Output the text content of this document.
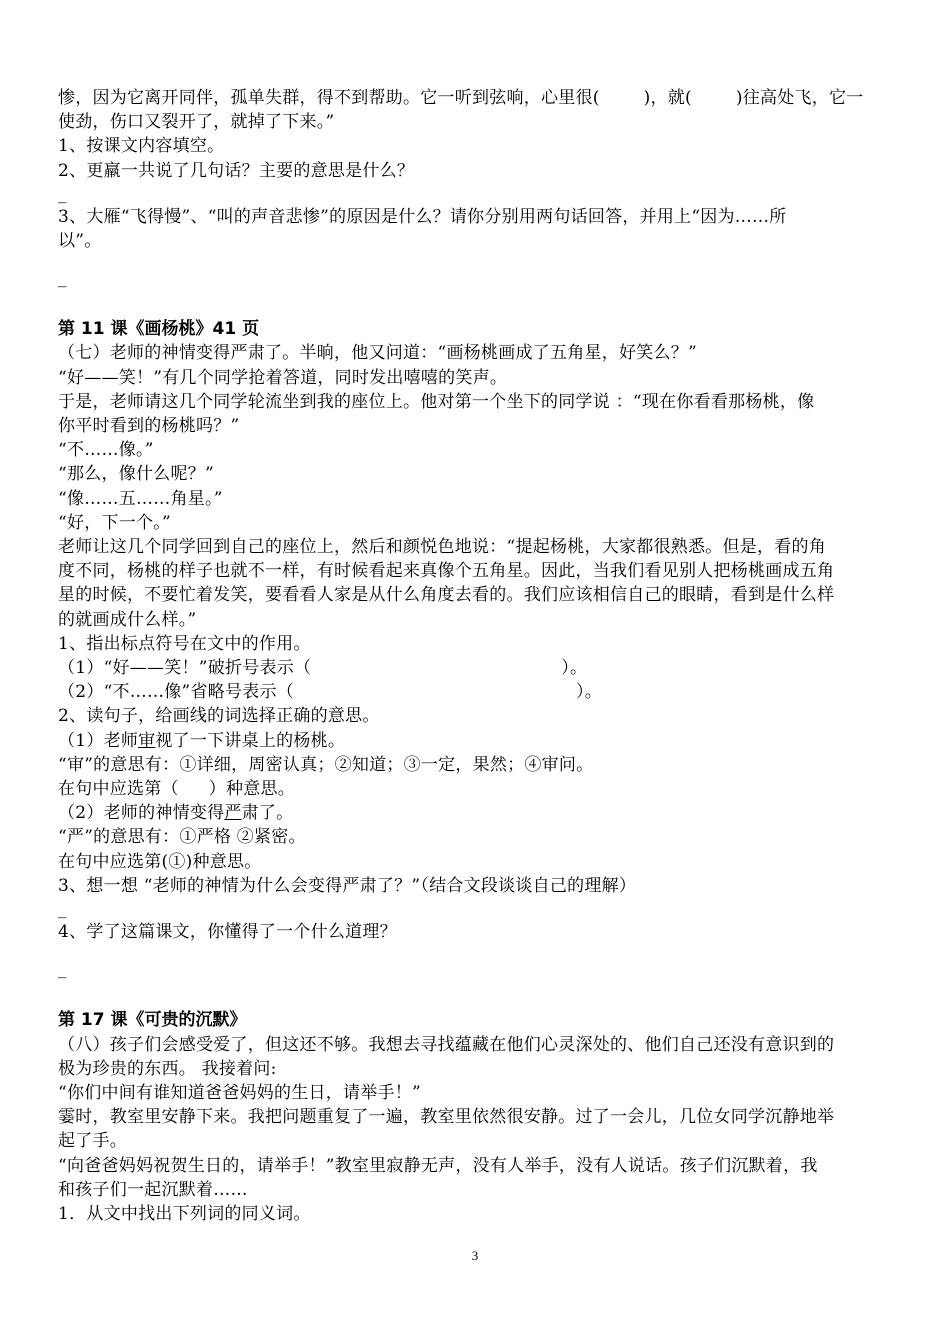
惨，因为它离开同伴，孤单失群，得不到帮助。它一听到弦响，心里很(	)，就(	)往高处飞，它一
使劲，伤口又裂开了，就掉了下来。”
1、按课文内容填空。
2、更羸一共说了几句话？主要的意思是什么？
_
3、大雁“飞得慢”、“叫的声音悲惨”的原因是什么？请你分别用两句话回答，并用上“因为……所
以”。
_
第 11 课《画杨桃》41 页
（七）老师的神情变得严肃了。半晌，他又问道：“画杨桃画成了五角星，好笑么？”
“好——笑！”有几个同学抢着答道，同时发出嘻嘻的笑声。
于是，老师请这几个同学轮流坐到我的座位上。他对第一个坐下的同学说 ：“现在你看看那杨桃，像
你平时看到的杨桃吗？”
“不……像。”
“那么，像什么呢？”
“像……五……角星。”
“好，下一个。”
老师让这几个同学回到自己的座位上，然后和颜悦色地说：“提起杨桃，大家都很熟悉。但是，看的角
度不同，杨桃的样子也就不一样，有时候看起来真像个五角星。因此，当我们看见别人把杨桃画成五角
星的时候，不要忙着发笑，要看看人家是从什么角度去看的。我们应该相信自己的眼睛，看到是什么样
的就画成什么样。”
1、指出标点符号在文中的作用。
（1）“好——笑！”破折号表示（	）。
（2）“不……像”省略号表示（	）。
2、读句子，给画线的词选择正确的意思。
（1）老师审视了一下讲桌上的杨桃。
“审”的意思有：①详细，周密认真；②知道；③一定，果然；④审问。
在句中应选第（ ）种意思。
（2）老师的神情变得严肃了。
“严”的意思有：①严格 ②紧密。
在句中应选第(①)种意思。
3、想一想 “老师的神情为什么会变得严肃了？”（结合文段谈谈自己的理解）
_
4、学了这篇课文，你懂得了一个什么道理？
_
第 17 课《可贵的沉默》
（八）孩子们会感受爱了，但这还不够。我想去寻找蕴藏在他们心灵深处的、他们自己还没有意识到的
极为珍贵的东西。 我接着问:
“你们中间有谁知道爸爸妈妈的生日，请举手！”
霎时，教室里安静下来。我把问题重复了一遍，教室里依然很安静。过了一会儿，几位女同学沉静地举
起了手。
“向爸爸妈妈祝贺生日的，请举手！”教室里寂静无声，没有人举手，没有人说话。孩子们沉默着，我
和孩子们一起沉默着……
1．从文中找出下列词的同义词。
3
